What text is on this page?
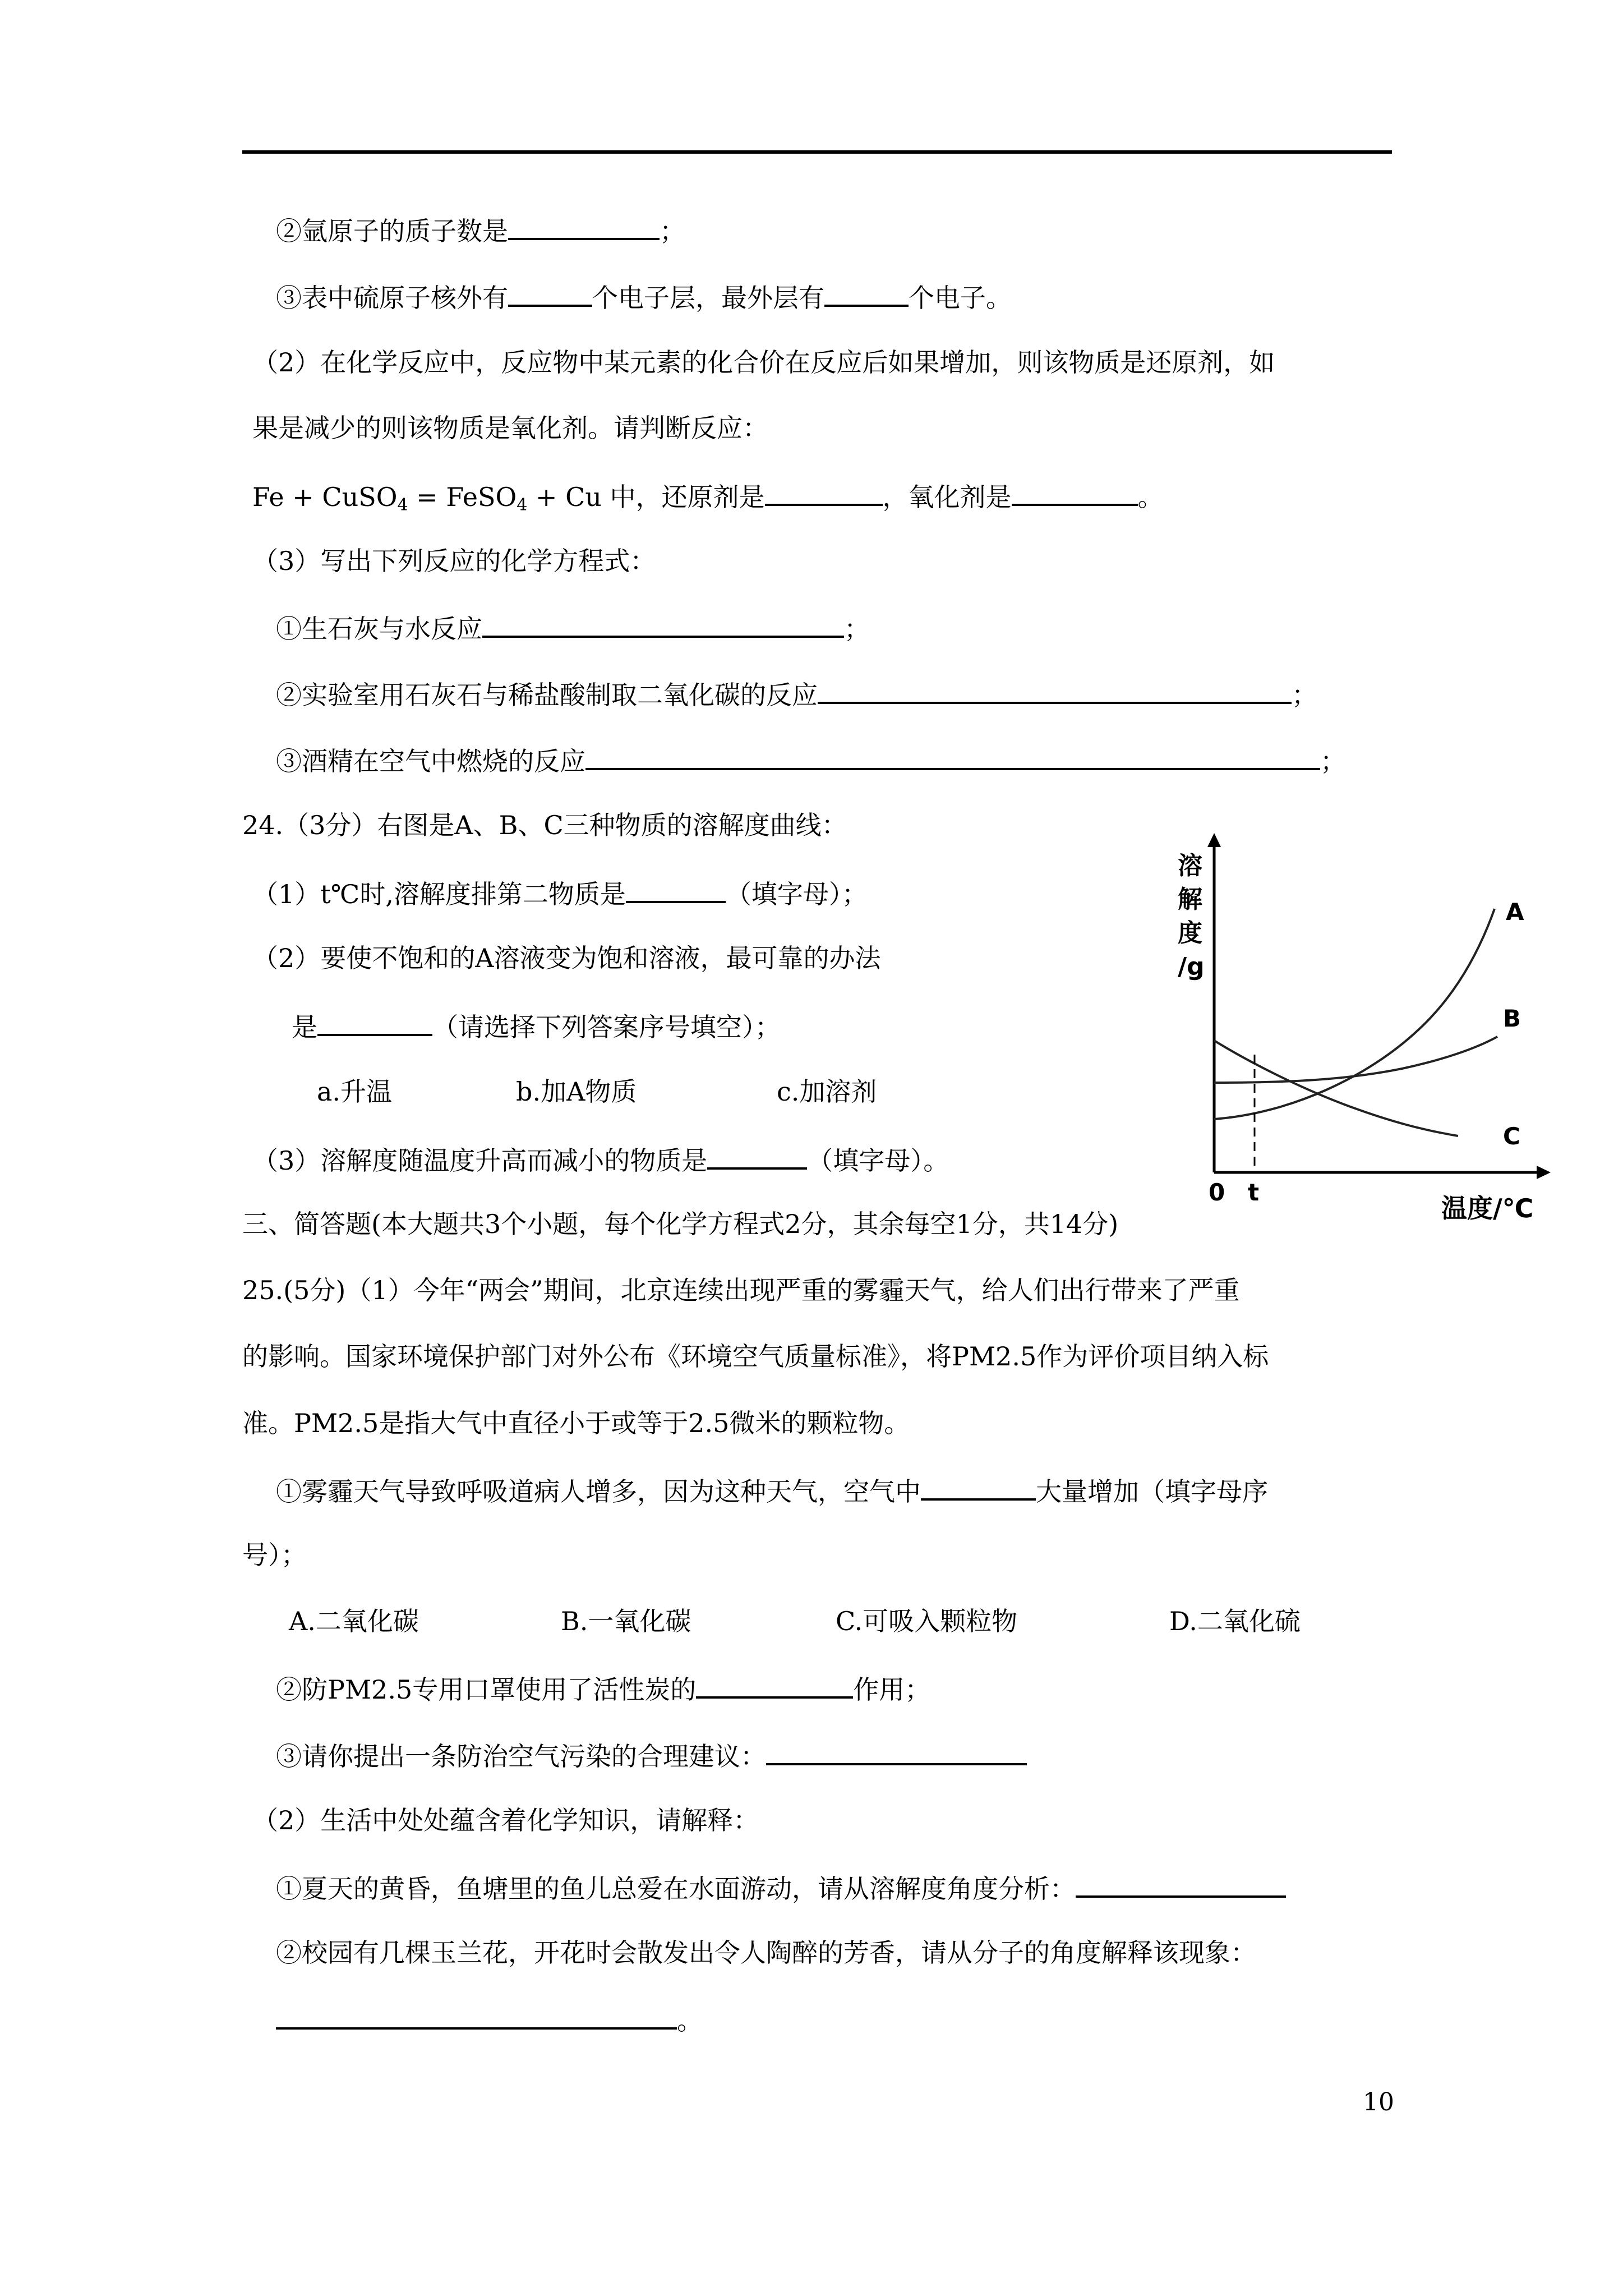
②氩原子的质子数是	；
③表中硫原子核外有	个电子层，最外层有	个电子。
（2）在化学反应中，反应物中某元素的化合价在反应后如果增加，则该物质是还原剂，如
果是减少的则该物质是氧化剂。请判断反应：
Fe + CuSO$_4$ = FeSO$_4$ + Cu 中，还原剂是	，氧化剂是	。
（3）写出下列反应的化学方程式：
①生石灰与水反应	；
②实验室用石灰石与稀盐酸制取二氧化碳的反应	；
③酒精在空气中燃烧的反应	；
24.（3分）右图是A、B、C三种物质的溶解度曲线：
（1）t℃时,溶解度排第二物质是	（填字母）；
（2）要使不饱和的A溶液变为饱和溶液，最可靠的办法
是	（请选择下列答案序号填空）；
a.升温	b.加A物质	c.加溶剂
（3）溶解度随温度升高而减小的物质是	（填字母）。
溶
解
度
/g
A
B
C
0 t
温度/℃
三、简答题(本大题共3个小题，每个化学方程式2分，其余每空1分，共14分)
25.(5分)（1）今年“两会”期间，北京连续出现严重的雾霾天气，给人们出行带来了严重
的影响。国家环境保护部门对外公布《环境空气质量标准》，将PM2.5作为评价项目纳入标
准。PM2.5是指大气中直径小于或等于2.5微米的颗粒物。
①雾霾天气导致呼吸道病人增多，因为这种天气，空气中	大量增加（填字母序
号）；
A.二氧化碳	B.一氧化碳	C.可吸入颗粒物	D.二氧化硫
②防PM2.5专用口罩使用了活性炭的	作用；
③请你提出一条防治空气污染的合理建议：
（2）生活中处处蕴含着化学知识，请解释：
①夏天的黄昏，鱼塘里的鱼儿总爱在水面游动，请从溶解度角度分析：
②校园有几棵玉兰花，开花时会散发出令人陶醉的芳香，请从分子的角度解释该现象：
。
10
